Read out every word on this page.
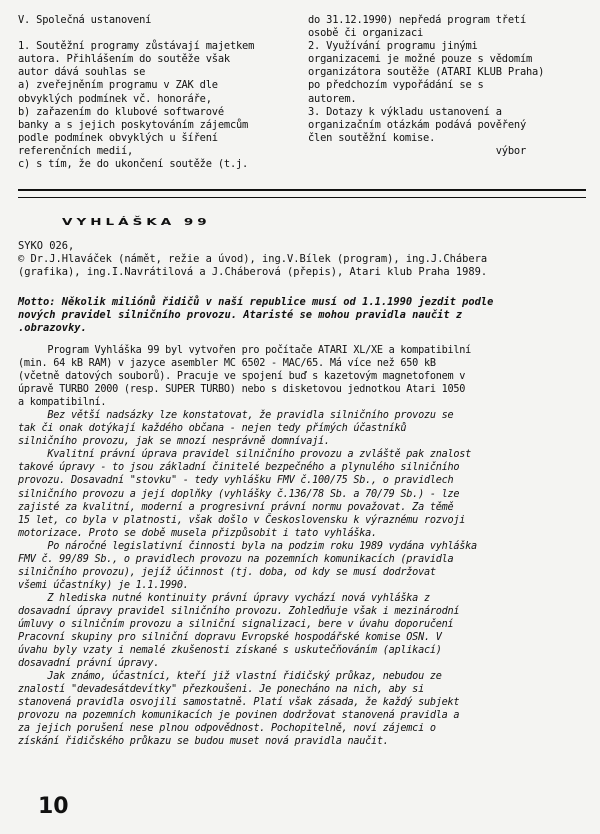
V. Společná ustanovení

1. Soutěžní programy zůstávají majetkem
autora. Přihlášením do soutěže však
autor dává souhlas se
a) zveřejněním programu v ZAK dle
obvyklých podmínek vč. honoráře,
b) zařazením do klubové softwarové
banky a s jejich poskytováním zájemcům
podle podmínek obvyklých u šíření
referenčních medií,
c) s tím, že do ukončení soutěže (t.j.
do 31.12.1990) nepředá program třetí
osobě či organizaci
2. Využívání programu jinými
organizacemi je možné pouze s vědomím
organizátora soutěže (ATARI KLUB Praha)
po předchozím vypořádání se s
autorem.
3. Dotazy k výkladu ustanovení a
organizačním otázkám podává pověřený
člen soutěžní komise.
výbor
VYHLÁŠKA 99
SYKO 026,
© Dr.J.Hlaváček (námět, režie a úvod), ing.V.Bílek (program), ing.J.Chábera
(grafika), ing.I.Navrátilová a J.Cháberová (přepis), Atari klub Praha 1989.
Motto: Několik miliónů řidičů v naší republice musí od 1.1.1990 jezdit podle
nových pravidel silničního provozu. Ataristé se mohou pravidla naučit z
.obrazovky.
Program Vyhláška 99 byl vytvořen pro počítače ATARI XL/XE a kompatibilní
(min. 64 kB RAM) v jazyce asembler MC 6502 - MAC/65. Má více než 650 kB
(včetně datových souborů). Pracuje ve spojení buď s kazetovým magnetofonem v
úpravě TURBO 2000 (resp. SUPER TURBO) nebo s disketovou jednotkou Atari 1050
a kompatibilní.
Bez větší nadsázky lze konstatovat, že pravidla silničního provozu se
tak či onak dotýkají každého občana - nejen tedy přímých účastníků
silničního provozu, jak se mnozí nesprávně domnívají.
Kvalitní právní úprava pravidel silničního provozu a zvláště pak znalost
takové úpravy - to jsou základní činitelé bezpečného a plynulého silničního
provozu. Dosavadní "stovku" - tedy vyhlášku FMV č.100/75 Sb., o pravidlech
silničního provozu a její doplňky (vyhlášky č.136/78 Sb. a 70/79 Sb.) - lze
zajisté za kvalitní, moderní a progresivní právní normu považovat. Za těmě
15 let, co byla v platnosti, však došlo v Československu k výraznému rozvoji
motorizace. Proto se době musela přizpůsobit i tato vyhláška.
Po náročné legislativní činnosti byla na podzim roku 1989 vydána vyhláška
FMV č. 99/89 Sb., o pravidlech provozu na pozemních komunikacích (pravidla
silničního provozu), jejíž účinnost (tj. doba, od kdy se musí dodržovat
všemi účastníky) je 1.1.1990.
Z hlediska nutné kontinuity právní úpravy vychází nová vyhláška z
dosavadní úpravy pravidel silničního provozu. Zohledňuje však i mezinárodní
úmluvy o silničním provozu a silniční signalizaci, bere v úvahu doporučení
Pracovní skupiny pro silniční dopravu Evropské hospodářské komise OSN. V
úvahu byly vzaty i nemalé zkušenosti získané s uskutečňováním (aplikací)
dosavadní právní úpravy.
Jak známo, účastníci, kteří již vlastní řidičský průkaz, nebudou ze
znalostí "devadesátdevítky" přezkoušeni. Je ponecháno na nich, aby si
stanovená pravidla osvojili samostatně. Platí však zásada, že každý subjekt
provozu na pozemních komunikacích je povinen dodržovat stanovená pravidla a
za jejich porušení nese plnou odpovědnost. Pochopitelně, noví zájemci o
získání řidičského průkazu se budou muset nová pravidla naučit.
10
